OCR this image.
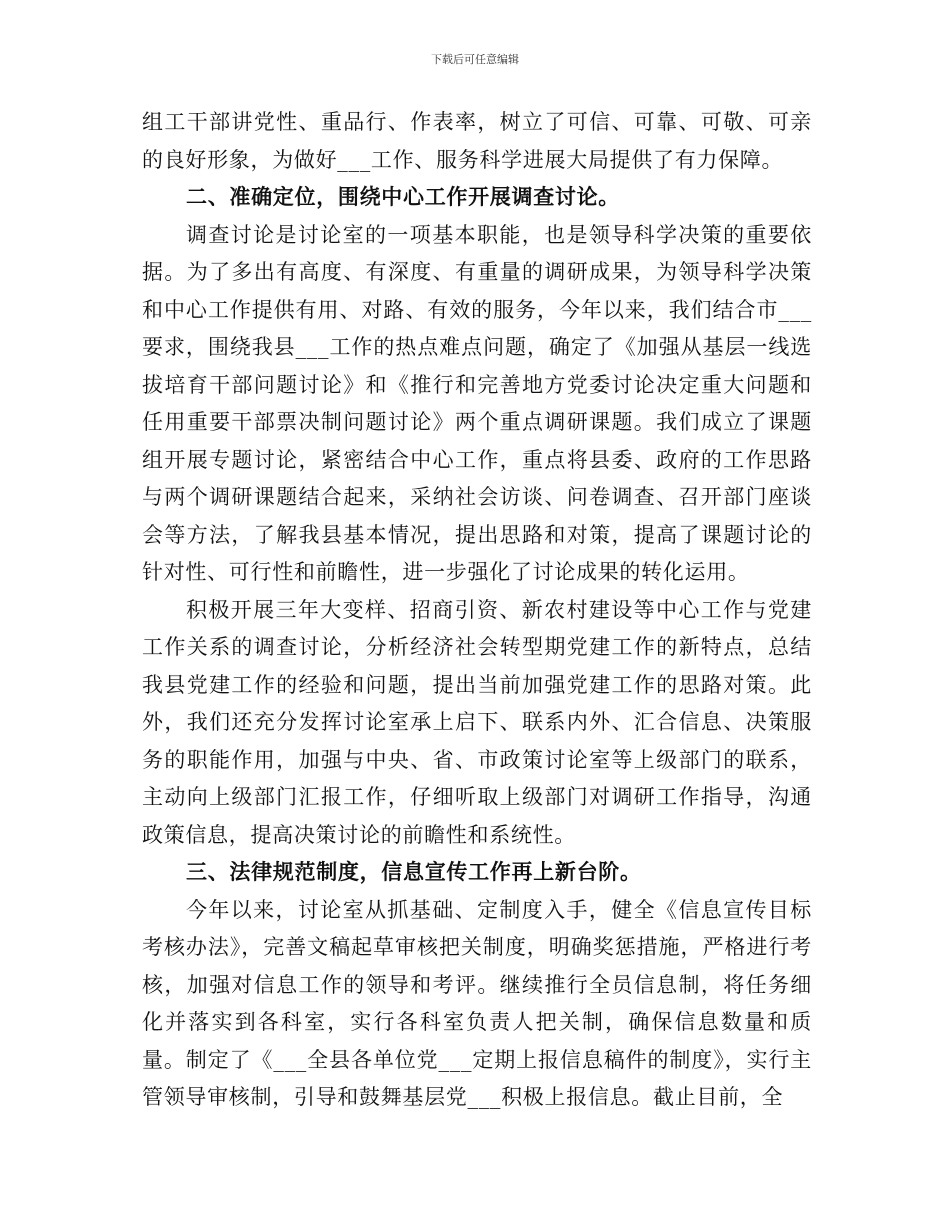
下载后可任意编辑

组工干部讲党性、重品行、作表率，树立了可信、可靠、可敬、可亲的良好形象，为做好___工作、服务科学进展大局提供了有力保障。

二、准确定位，围绕中心工作开展调查讨论。

调查讨论是讨论室的一项基本职能，也是领导科学决策的重要依据。为了多出有高度、有深度、有重量的调研成果，为领导科学决策和中心工作提供有用、对路、有效的服务，今年以来，我们结合市___要求，围绕我县___工作的热点难点问题，确定了《加强从基层一线选拔培育干部问题讨论》和《推行和完善地方党委讨论决定重大问题和任用重要干部票决制问题讨论》两个重点调研课题。我们成立了课题组开展专题讨论，紧密结合中心工作，重点将县委、政府的工作思路与两个调研课题结合起来，采纳社会访谈、问卷调查、召开部门座谈会等方法，了解我县基本情况，提出思路和对策，提高了课题讨论的针对性、可行性和前瞻性，进一步强化了讨论成果的转化运用。

积极开展三年大变样、招商引资、新农村建设等中心工作与党建工作关系的调查讨论，分析经济社会转型期党建工作的新特点，总结我县党建工作的经验和问题，提出当前加强党建工作的思路对策。此外，我们还充分发挥讨论室承上启下、联系内外、汇合信息、决策服务的职能作用，加强与中央、省、市政策讨论室等上级部门的联系，主动向上级部门汇报工作，仔细听取上级部门对调研工作指导，沟通政策信息，提高决策讨论的前瞻性和系统性。

三、法律规范制度，信息宣传工作再上新台阶。

今年以来，讨论室从抓基础、定制度入手，健全《信息宣传目标考核办法》，完善文稿起草审核把关制度，明确奖惩措施，严格进行考核，加强对信息工作的领导和考评。继续推行全员信息制，将任务细化并落实到各科室，实行各科室负责人把关制，确保信息数量和质量。制定了《___全县各单位党___定期上报信息稿件的制度》，实行主管领导审核制，引导和鼓舞基层党___积极上报信息。截止目前，全
